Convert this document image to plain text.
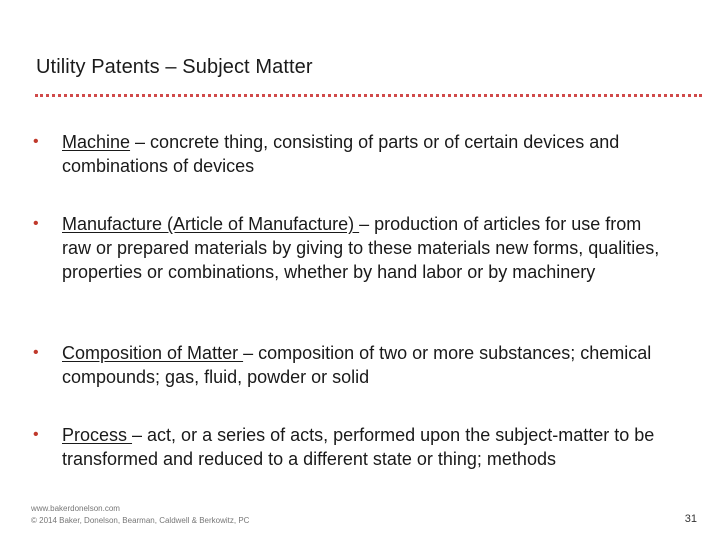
Utility Patents – Subject Matter
• Machine – concrete thing, consisting of parts or of certain devices and combinations of devices
• Manufacture (Article of Manufacture) – production of articles for use from raw or prepared materials by giving to these materials new forms, qualities, properties or combinations, whether by hand labor or by machinery
• Composition of Matter – composition of two or more substances; chemical compounds; gas, fluid, powder or solid
• Process – act, or a series of acts, performed upon the subject-matter to be transformed and reduced to a different state or thing; methods
www.bakerdonelson.com
© 2014 Baker, Donelson, Bearman, Caldwell & Berkowitz, PC	31
